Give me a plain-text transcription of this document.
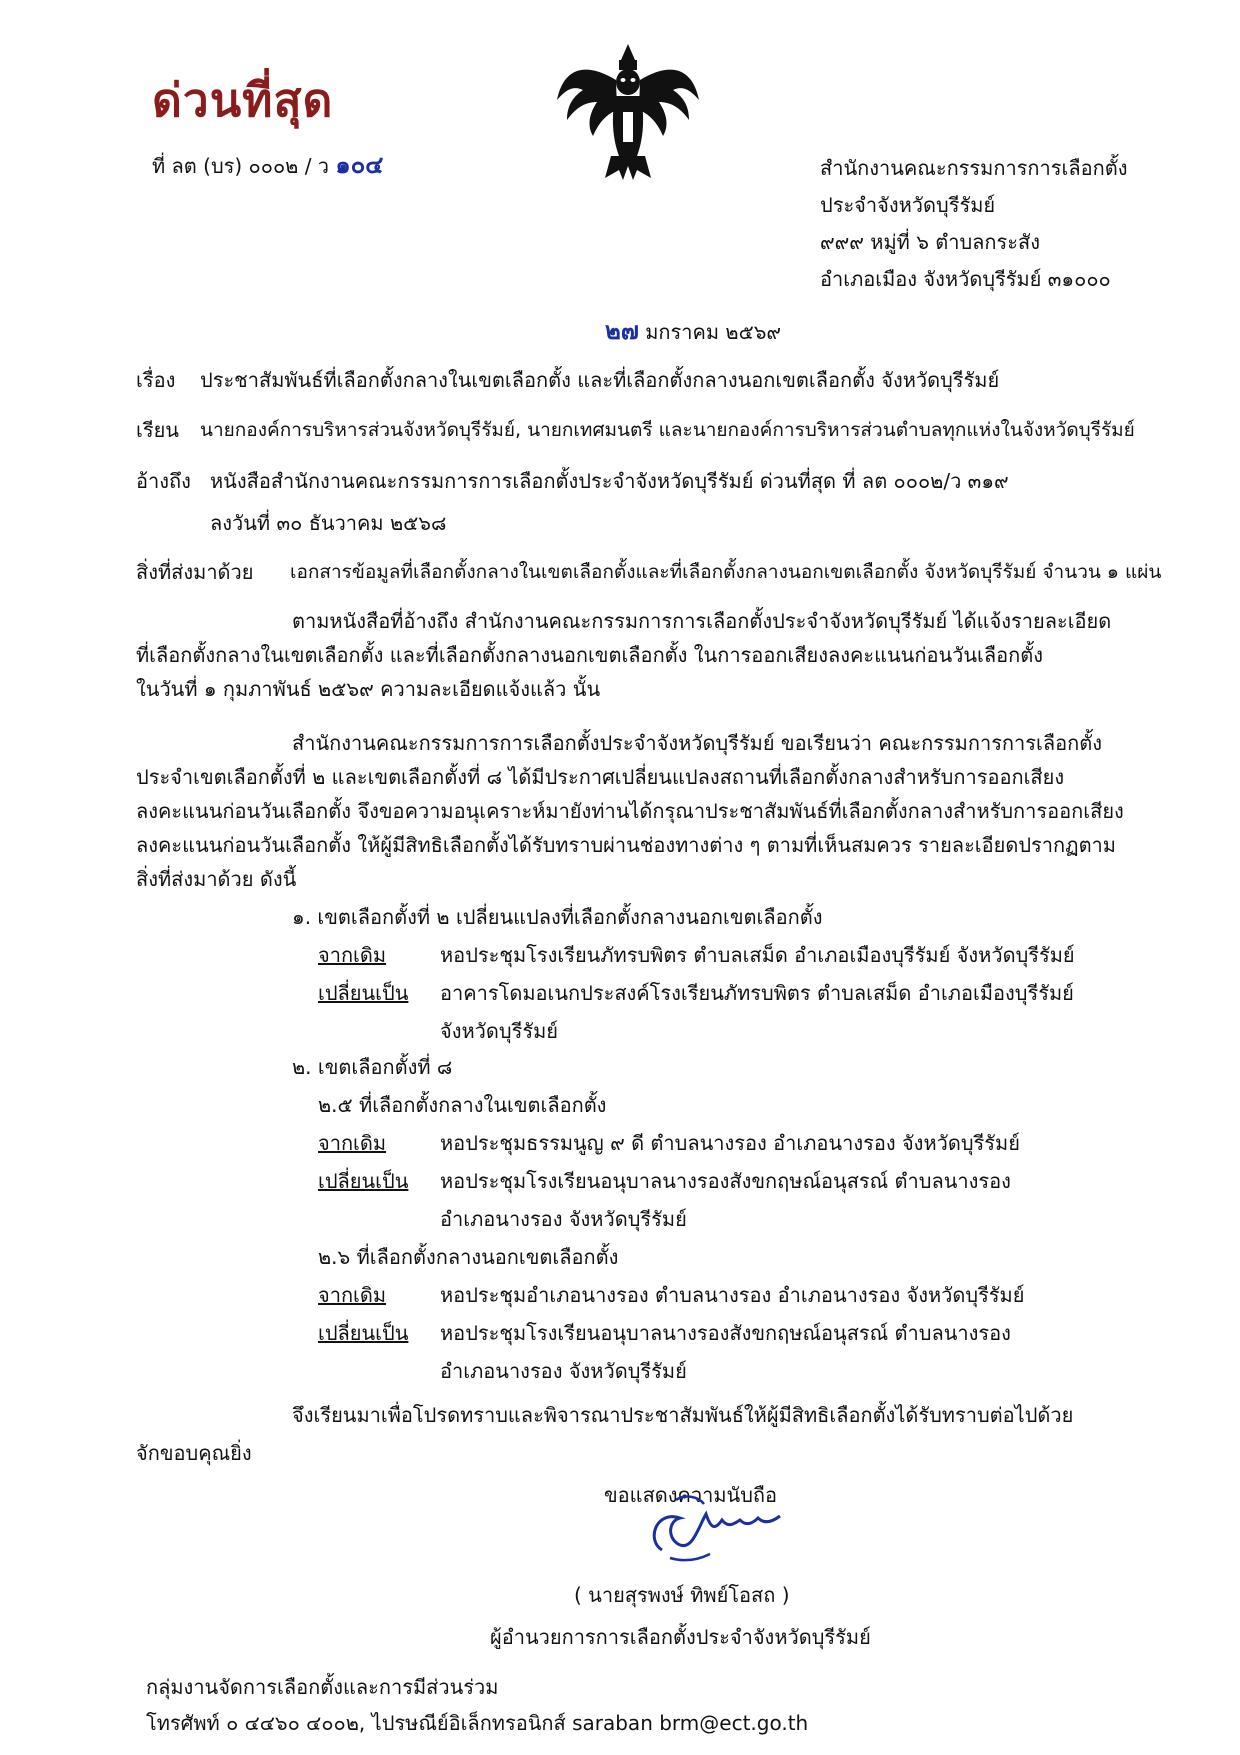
ด่วนที่สุด
ที่ ลต (บร) ๐๐๐๒ / ว ๑๐๔	สำนักงานคณะกรรมการการเลือกตั้ง
ประจำจังหวัดบุรีรัมย์
๙๙๙ หมู่ที่ ๖ ตำบลกระสัง
อำเภอเมือง จังหวัดบุรีรัมย์ ๓๑๐๐๐
๒๗ มกราคม ๒๕๖๙
เรื่อง ประชาสัมพันธ์ที่เลือกตั้งกลางในเขตเลือกตั้ง และที่เลือกตั้งกลางนอกเขตเลือกตั้ง จังหวัดบุรีรัมย์
เรียน นายกองค์การบริหารส่วนจังหวัดบุรีรัมย์, นายกเทศมนตรี และนายกองค์การบริหารส่วนตำบลทุกแห่งในจังหวัดบุรีรัมย์
อ้างถึง หนังสือสำนักงานคณะกรรมการการเลือกตั้งประจำจังหวัดบุรีรัมย์ ด่วนที่สุด ที่ ลต ๐๐๐๒/ว ๓๑๙
ลงวันที่ ๓๐ ธันวาคม ๒๕๖๘
สิ่งที่ส่งมาด้วย เอกสารข้อมูลที่เลือกตั้งกลางในเขตเลือกตั้งและที่เลือกตั้งกลางนอกเขตเลือกตั้ง จังหวัดบุรีรัมย์ จำนวน ๑ แผ่น
ตามหนังสือที่อ้างถึง สำนักงานคณะกรรมการการเลือกตั้งประจำจังหวัดบุรีรัมย์ ได้แจ้งรายละเอียด
ที่เลือกตั้งกลางในเขตเลือกตั้ง และที่เลือกตั้งกลางนอกเขตเลือกตั้ง ในการออกเสียงลงคะแนนก่อนวันเลือกตั้ง
ในวันที่ ๑ กุมภาพันธ์ ๒๕๖๙ ความละเอียดแจ้งแล้ว นั้น
สำนักงานคณะกรรมการการเลือกตั้งประจำจังหวัดบุรีรัมย์ ขอเรียนว่า คณะกรรมการการเลือกตั้ง
ประจำเขตเลือกตั้งที่ ๒ และเขตเลือกตั้งที่ ๘ ได้มีประกาศเปลี่ยนแปลงสถานที่เลือกตั้งกลางสำหรับการออกเสียง
ลงคะแนนก่อนวันเลือกตั้ง จึงขอความอนุเคราะห์มายังท่านได้กรุณาประชาสัมพันธ์ที่เลือกตั้งกลางสำหรับการออกเสียง
ลงคะแนนก่อนวันเลือกตั้ง ให้ผู้มีสิทธิเลือกตั้งได้รับทราบผ่านช่องทางต่าง ๆ ตามที่เห็นสมควร รายละเอียดปรากฏตาม
สิ่งที่ส่งมาด้วย ดังนี้
๑. เขตเลือกตั้งที่ ๒ เปลี่ยนแปลงที่เลือกตั้งกลางนอกเขตเลือกตั้ง
จากเดิม	หอประชุมโรงเรียนภัทรบพิตร ตำบลเสม็ด อำเภอเมืองบุรีรัมย์ จังหวัดบุรีรัมย์
เปลี่ยนเป็น อาคารโดมอเนกประสงค์โรงเรียนภัทรบพิตร ตำบลเสม็ด อำเภอเมืองบุรีรัมย์
จังหวัดบุรีรัมย์
๒. เขตเลือกตั้งที่ ๘
๒.๕ ที่เลือกตั้งกลางในเขตเลือกตั้ง
จากเดิม	หอประชุมธรรมนูญ ๙ ดี ตำบลนางรอง อำเภอนางรอง จังหวัดบุรีรัมย์
เปลี่ยนเป็น หอประชุมโรงเรียนอนุบาลนางรองสังขกฤษณ์อนุสรณ์ ตำบลนางรอง
อำเภอนางรอง จังหวัดบุรีรัมย์
๒.๖ ที่เลือกตั้งกลางนอกเขตเลือกตั้ง
จากเดิม	หอประชุมอำเภอนางรอง ตำบลนางรอง อำเภอนางรอง จังหวัดบุรีรัมย์
เปลี่ยนเป็น หอประชุมโรงเรียนอนุบาลนางรองสังขกฤษณ์อนุสรณ์ ตำบลนางรอง
อำเภอนางรอง จังหวัดบุรีรัมย์
จึงเรียนมาเพื่อโปรดทราบและพิจารณาประชาสัมพันธ์ให้ผู้มีสิทธิเลือกตั้งได้รับทราบต่อไปด้วย
จักขอบคุณยิ่ง
ขอแสดงความนับถือ
( นายสุรพงษ์ ทิพย์โอสถ )
ผู้อำนวยการการเลือกตั้งประจำจังหวัดบุรีรัมย์
กลุ่มงานจัดการเลือกตั้งและการมีส่วนร่วม
โทรศัพท์ ๐ ๔๔๖๐ ๔๐๐๒, ไปรษณีย์อิเล็กทรอนิกส์ saraban brm@ect.go.th
